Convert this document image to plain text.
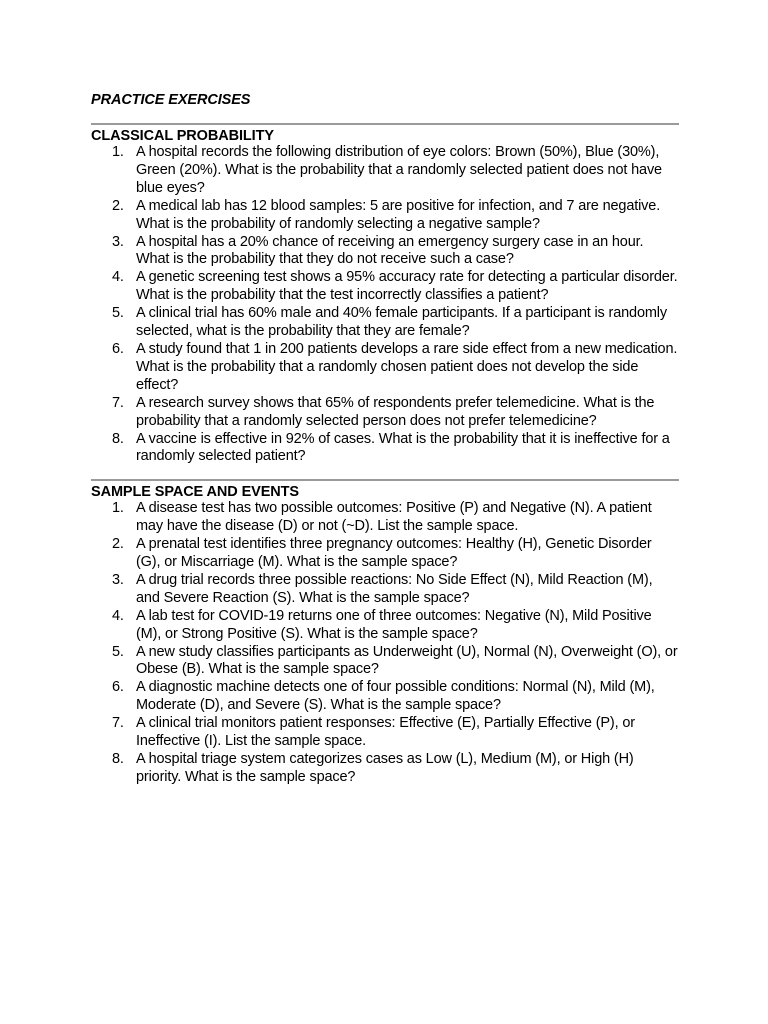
PRACTICE EXERCISES
CLASSICAL PROBABILITY
1. A hospital records the following distribution of eye colors: Brown (50%), Blue (30%), Green (20%). What is the probability that a randomly selected patient does not have blue eyes?
2. A medical lab has 12 blood samples: 5 are positive for infection, and 7 are negative. What is the probability of randomly selecting a negative sample?
3. A hospital has a 20% chance of receiving an emergency surgery case in an hour. What is the probability that they do not receive such a case?
4. A genetic screening test shows a 95% accuracy rate for detecting a particular disorder. What is the probability that the test incorrectly classifies a patient?
5. A clinical trial has 60% male and 40% female participants. If a participant is randomly selected, what is the probability that they are female?
6. A study found that 1 in 200 patients develops a rare side effect from a new medication. What is the probability that a randomly chosen patient does not develop the side effect?
7. A research survey shows that 65% of respondents prefer telemedicine. What is the probability that a randomly selected person does not prefer telemedicine?
8. A vaccine is effective in 92% of cases. What is the probability that it is ineffective for a randomly selected patient?
SAMPLE SPACE AND EVENTS
1. A disease test has two possible outcomes: Positive (P) and Negative (N). A patient may have the disease (D) or not (~D). List the sample space.
2. A prenatal test identifies three pregnancy outcomes: Healthy (H), Genetic Disorder (G), or Miscarriage (M). What is the sample space?
3. A drug trial records three possible reactions: No Side Effect (N), Mild Reaction (M), and Severe Reaction (S). What is the sample space?
4. A lab test for COVID-19 returns one of three outcomes: Negative (N), Mild Positive (M), or Strong Positive (S). What is the sample space?
5. A new study classifies participants as Underweight (U), Normal (N), Overweight (O), or Obese (B). What is the sample space?
6. A diagnostic machine detects one of four possible conditions: Normal (N), Mild (M), Moderate (D), and Severe (S). What is the sample space?
7. A clinical trial monitors patient responses: Effective (E), Partially Effective (P), or Ineffective (I). List the sample space.
8. A hospital triage system categorizes cases as Low (L), Medium (M), or High (H) priority. What is the sample space?
